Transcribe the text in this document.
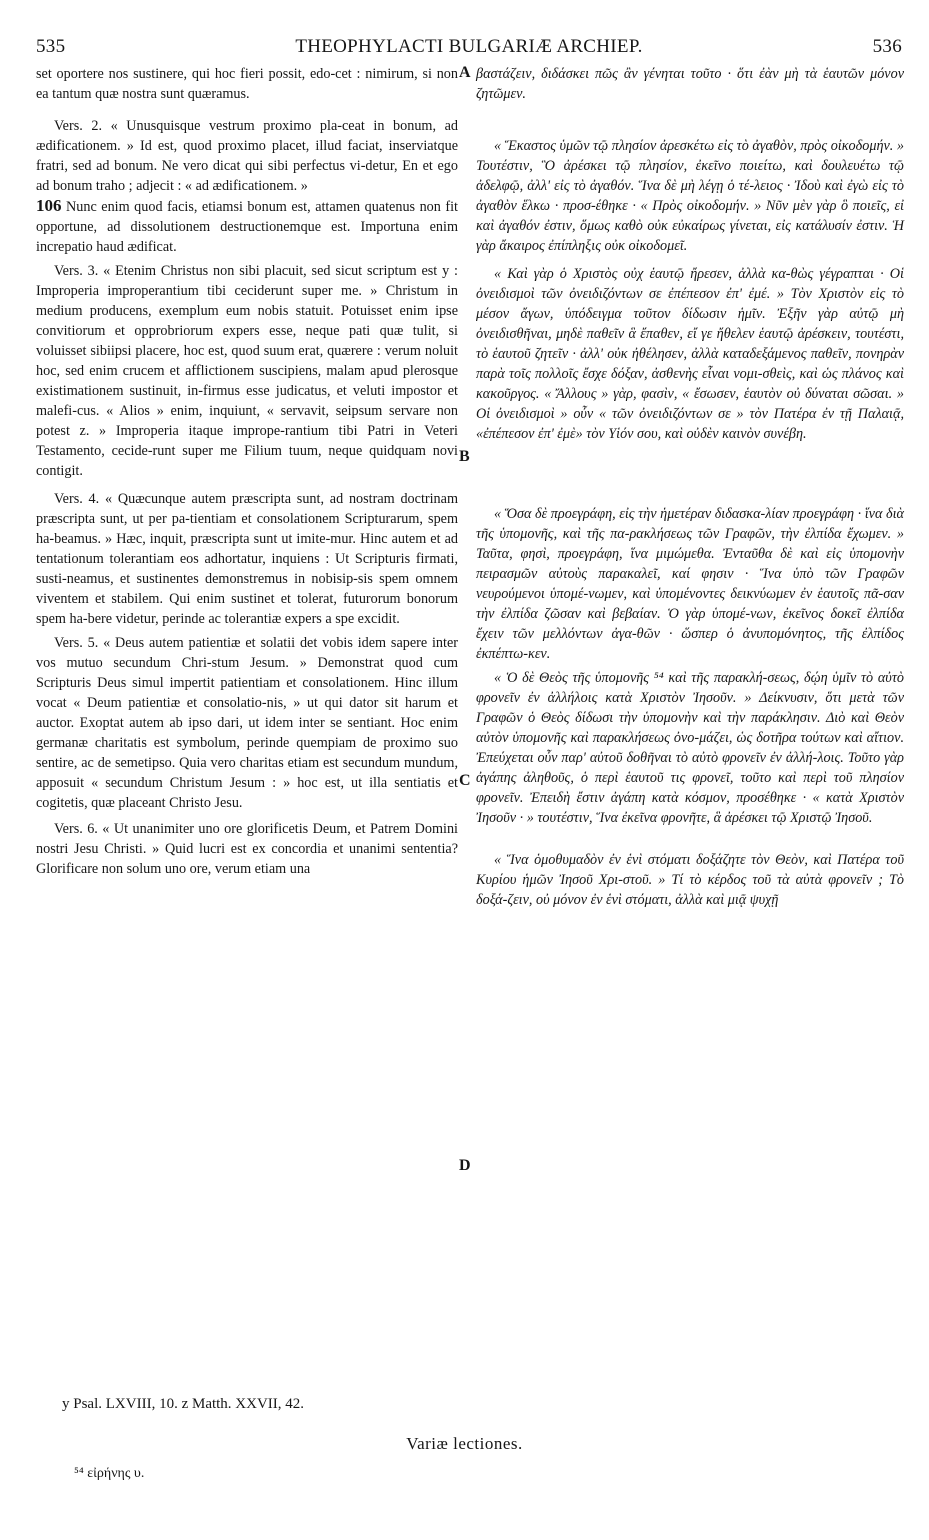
535	THEOPHYLACTI BULGARIÆ ARCHIEP.	536

set oportere nos sustinere, qui hoc fieri possit, edo-cet : nimirum, si non ea tantum quæ nostra sunt quæramus.

Vers. 2. « Unusquisque vestrum proximo pla-ceat in bonum, ad ædificationem. » Id est, quod proximo placet, illud faciat, inserviatque fratri, sed ad bonum. Ne vero dicat qui sibi perfectus vi-detur, En et ego ad bonum traho ; adjecit : « ad ædificationem. »

106 Nunc enim quod facis, etiamsi bonum est, attamen quatenus non fit opportune, ad dissolutionem destructionemque est. Importuna enim increpatio haud ædificat.

Vers. 3. « Etenim Christus non sibi placuit, sed sicut scriptum est y : Improperia improperantium tibi ceciderunt super me. » Christum in medium producens, exemplum eum nobis statuit. Potuisset enim ipse convitiorum et opprobriorum expers esse, neque pati quæ tulit, si voluisset sibiipsi placere, hoc est, quod suum erat, quærere : verum noluit hoc, sed enim crucem et afflictionem suscipiens, malam apud plerosque existimationem sustinuit, in-firmus esse judicatus, et veluti impostor et malefi-cus. « Alios » enim, inquiunt, « servavit, seipsum servare non potest z. » Improperia itaque imprope-rantium tibi Patri in Veteri Testamento, cecide-runt super me Filium tuum, neque quidquam novi contigit.

Vers. 4. « Quæcunque autem præscripta sunt, ad nostram doctrinam præscripta sunt, ut per pa-tientiam et consolationem Scripturarum, spem ha-beamus. » Hæc, inquit, præscripta sunt ut imite-mur. Hinc autem et ad tentationum tolerantiam eos adhortatur, inquiens : Ut Scripturis firmati, susti-neamus, et sustinentes demonstremus in nobisip-sis spem omnem viventem et stabilem. Qui enim sustinet et tolerat, futurorum bonorum spem ha-bere videtur, perinde ac tolerantiæ expers a spe excidit.

Vers. 5. « Deus autem patientiæ et solatii det vobis idem sapere inter vos mutuo secundum Chri-stum Jesum. » Demonstrat quod cum Scripturis Deus simul impertit patientiam et consolationem. Hinc illum vocat « Deum patientiæ et consolatio-nis, » ut qui dator sit harum et auctor. Exoptat autem ab ipso dari, ut idem inter se sentiant. Hoc enim germanæ charitatis est symbolum, perinde quempiam de proximo suo sentire, ac de semetipso. Quia vero charitas etiam est secundum mundum, apposuit « secundum Christum Jesum : » hoc est, ut illa sentiatis et cogitetis, quæ placeant Christo Jesu.

Vers. 6. « Ut unanimiter uno ore glorificetis Deum, et Patrem Domini nostri Jesu Christi. » Quid lucri est ex concordia et unanimi sententia? Glorificare non solum uno ore, verum etiam una

A
B
C
D

βαστάζειν, διδάσκει πῶς ἂν γένηται τοῦτο · ὅτι ἐὰν μὴ τὰ ἑαυτῶν μόνον ζητῶμεν.

« Ἕκαστος ὑμῶν τῷ πλησίον ἀρεσκέτω εἰς τὸ ἀγαθὸν, πρὸς οἰκοδομήν. » Τουτέστιν, Ὃ ἀρέσκει τῷ πλησίον, ἐκεῖνο ποιείτω, καὶ δουλευέτω τῷ ἀδελφῷ, ἀλλ' εἰς τὸ ἀγαθόν. Ἵνα δὲ μὴ λέγῃ ὁ τέ-λειος · Ἰδοὺ καὶ ἐγὼ εἰς τὸ ἀγαθὸν ἕλκω · προσ-έθηκε · « Πρὸς οἰκοδομήν. » Νῦν μὲν γὰρ ὃ ποιεῖς, εἰ καὶ ἀγαθόν ἐστιν, ὅμως καθὸ οὐκ εὐκαίρως γίνεται, εἰς κατάλυσίν ἐστιν. Ἡ γὰρ ἄκαιρος ἐπίπληξις οὐκ οἰκοδομεῖ.

« Καὶ γὰρ ὁ Χριστὸς οὐχ ἑαυτῷ ἤρεσεν, ἀλλὰ κα-θὼς γέγραπται · Οἱ ὀνειδισμοὶ τῶν ὀνειδιζόντων σε ἐπέπεσον ἐπ' ἐμέ. » Τὸν Χριστὸν εἰς τὸ μέσον ἄγων, ὑπόδειγμα τοῦτον δίδωσιν ἡμῖν. Ἐξῆν γὰρ αὐτῷ μὴ ὀνειδισθῆναι, μηδὲ παθεῖν ἃ ἔπαθεν, εἴ γε ἤθελεν ἑαυτῷ ἀρέσκειν, τουτέστι, τὸ ἑαυτοῦ ζητεῖν · ἀλλ' οὐκ ἠθέλησεν, ἀλλὰ καταδεξάμενος παθεῖν, πονηρὰν παρὰ τοῖς πολλοῖς ἔσχε δόξαν, ἀσθενὴς εἶναι νομι-σθεὶς, καὶ ὡς πλάνος καὶ κακοῦργος. « Ἄλλους » γὰρ, φασὶν, « ἔσωσεν, ἑαυτὸν οὐ δύναται σῶσαι. » Οἱ ὀνειδισμοὶ » οὖν « τῶν ὀνειδιζόντων σε » τὸν Πατέρα ἐν τῇ Παλαιᾷ, «ἐπέπεσον ἐπ' ἐμὲ» τὸν Υἱόν σου, καὶ οὐδὲν καινὸν συνέβη.

« Ὅσα δὲ προεγράφη, εἰς τὴν ἡμετέραν διδασκα-λίαν προεγράφη · ἵνα διὰ τῆς ὑπομονῆς, καὶ τῆς πα-ρακλήσεως τῶν Γραφῶν, τὴν ἐλπίδα ἔχωμεν. » Ταῦτα, φησὶ, προεγράφη, ἵνα μιμώμεθα. Ἐνταῦθα δὲ καὶ εἰς ὑπομονὴν πειρασμῶν αὐτοὺς παρακαλεῖ, καί φησιν · Ἵνα ὑπὸ τῶν Γραφῶν νευρούμενοι ὑπομέ-νωμεν, καὶ ὑπομένοντες δεικνύωμεν ἐν ἑαυτοῖς πᾶ-σαν τὴν ἐλπίδα ζῶσαν καὶ βεβαίαν. Ὁ γὰρ ὑπομέ-νων, ἐκεῖνος δοκεῖ ἐλπίδα ἔχειν τῶν μελλόντων ἀγα-θῶν · ὥσπερ ὁ ἀνυπομόνητος, τῆς ἐλπίδος ἐκπέπτω-κεν.

« Ὁ δὲ Θεὸς τῆς ὑπομονῆς ⁵⁴ καὶ τῆς παρακλή-σεως, δῴη ὑμῖν τὸ αὐτὸ φρονεῖν ἐν ἀλλήλοις κατὰ Χριστὸν Ἰησοῦν. » Δείκνυσιν, ὅτι μετὰ τῶν Γραφῶν ὁ Θεὸς δίδωσι τὴν ὑπομονὴν καὶ τὴν παράκλησιν. Διὸ καὶ Θεὸν αὐτὸν ὑπομονῆς καὶ παρακλήσεως ὀνο-μάζει, ὡς δοτῆρα τούτων καὶ αἴτιον. Ἐπεύχεται οὖν παρ' αὐτοῦ δοθῆναι τὸ αὐτὸ φρονεῖν ἐν ἀλλή-λοις. Τοῦτο γὰρ ἀγάπης ἀληθοῦς, ὁ περὶ ἑαυτοῦ τις φρονεῖ, τοῦτο καὶ περὶ τοῦ πλησίον φρονεῖν. Ἐπειδὴ ἔστιν ἀγάπη κατὰ κόσμον, προσέθηκε · « κατὰ Χριστὸν Ἰησοῦν · » τουτέστιν, Ἵνα ἐκεῖνα φρονῆτε, ἃ ἀρέσκει τῷ Χριστῷ Ἰησοῦ.

« Ἵνα ὁμοθυμαδὸν ἐν ἑνὶ στόματι δοξάζητε τὸν Θεὸν, καὶ Πατέρα τοῦ Κυρίου ἡμῶν Ἰησοῦ Χρι-στοῦ. » Τί τὸ κέρδος τοῦ τὰ αὐτὰ φρονεῖν ; Τὸ δοξά-ζειν, οὐ μόνον ἐν ἑνὶ στόματι, ἀλλὰ καὶ μιᾷ ψυχῇ

y Psal. LXVIII, 10. z Matth. XXVII, 42.
Variæ lectiones.
⁵⁴ εἰρήνης υ.
